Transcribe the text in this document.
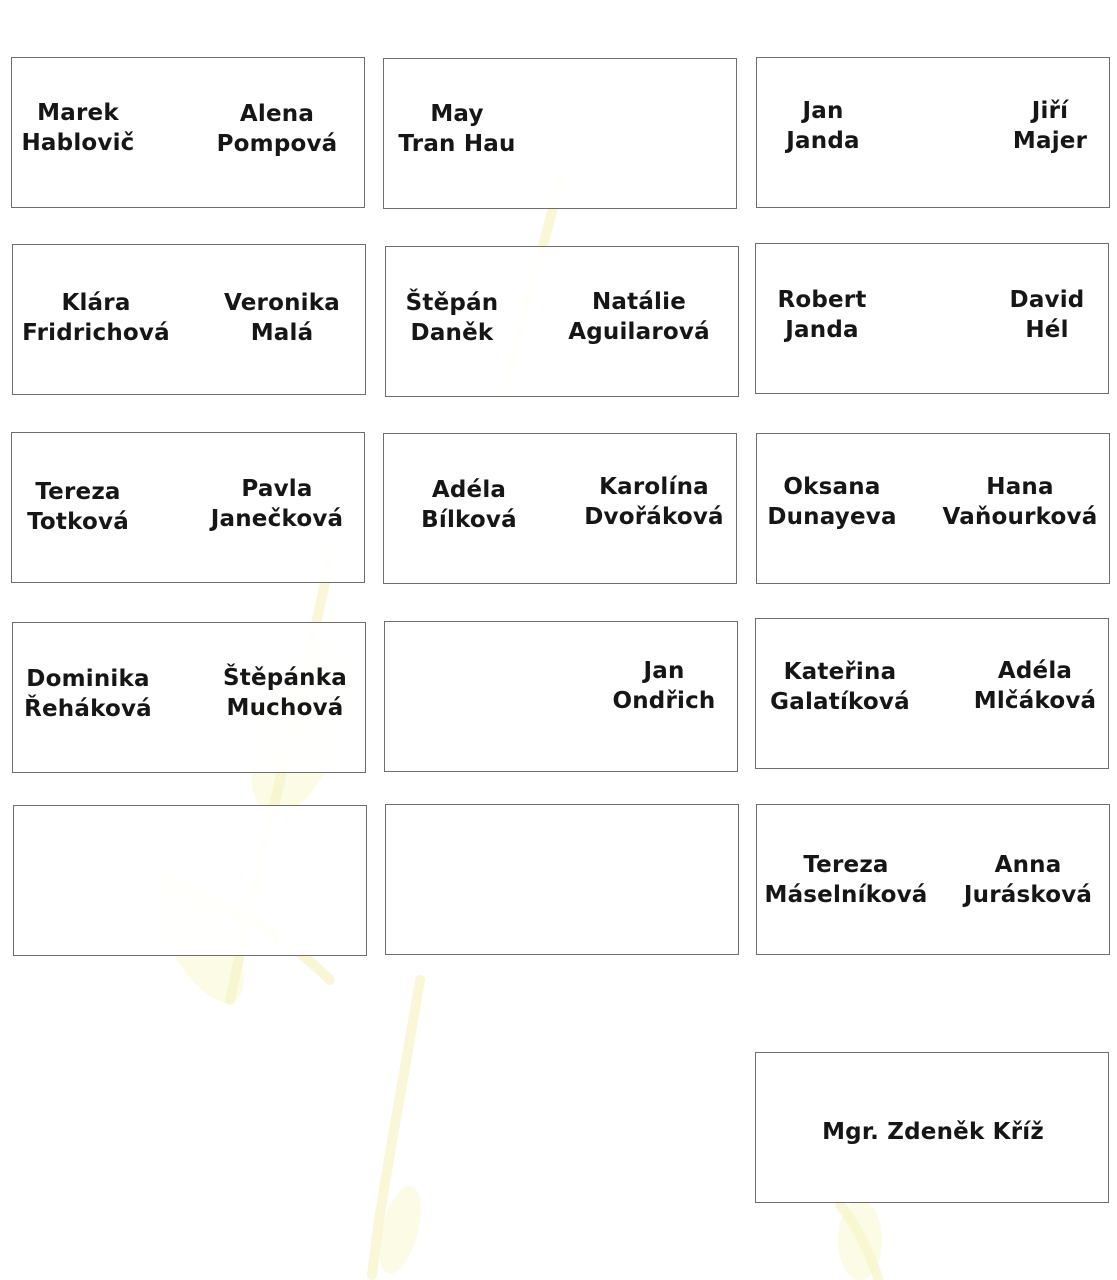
Marek
Hablovič
Alena
Pompová
May
Tran Hau
Jan
Janda
Jiří
Majer
Klára
Fridrichová
Veronika
Malá
Štěpán
Daněk
Natálie
Aguilarová
Robert
Janda
David
Hél
Tereza
Totková
Pavla
Janečková
Adéla
Bílková
Karolína
Dvořáková
Oksana
Dunayeva
Hana
Vaňourková
Dominika
Řeháková
Štěpánka
Muchová
Jan
Ondřich
Kateřina
Galatíková
Adéla
Mlčáková
Tereza
Máselníková
Anna
Jurásková
Mgr. Zdeněk Kříž
